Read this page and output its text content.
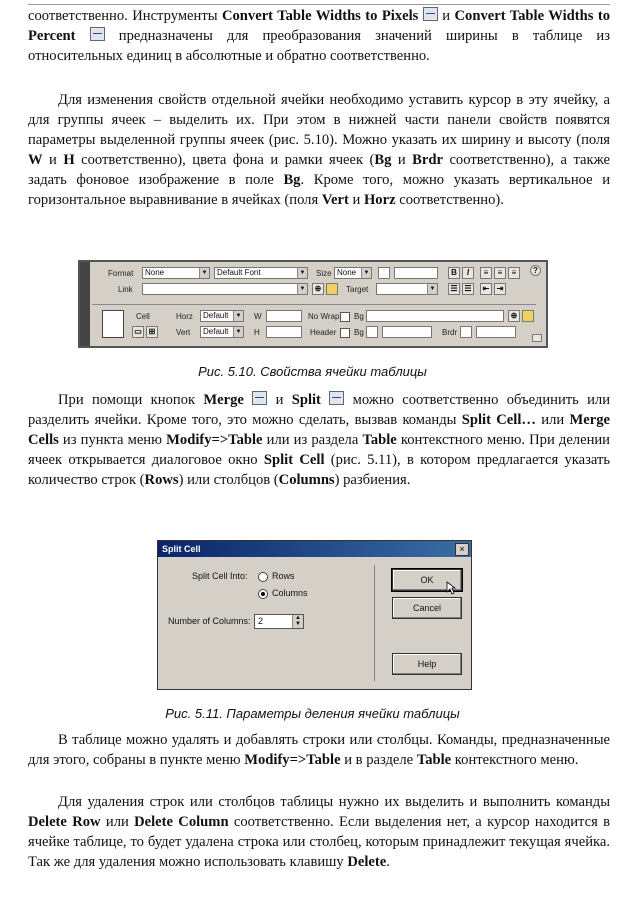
соответственно. Инструменты Convert Table Widths to Pixels  и Convert Table Widths to Percent	предназначены для преобразования значений ширины в таблице из относительных единиц в абсолютные и обратно соответственно.
Для изменения свойств отдельной ячейки необходимо уставить курсор в эту ячейку, а для группы ячеек – выделить их. При этом в нижней части панели свойств появятся параметры выделенной группы ячеек (рис. 5.10). Можно указать их ширину и высоту (поля W и H соответственно), цвета фона и рамки ячеек (Bg и Brdr соответственно), а также задать фоновое изображение в поле Bg. Кроме того, можно указать вертикальное и горизонтальное выравнивание в ячейках (поля Vert и Horz соответственно).
Format	None	▼	Default Font	▼ Size None	▼	B	I	≡	≡	≡	?
Link	▼	⊕	Target	▼	☰ ☰	⇤ ⇥
Cell
▭ ⊞
Horz	Default	▼
Vert	Default	▼
W
H
No Wrap Bg	⊕
Header Bg	Brdr
Рис. 5.10. Свойства ячейки таблицы
При помощи кнопок Merge  и Split  можно соответственно объединить или разделить ячейки. Кроме того, это можно сделать, вызвав команды Split Cell… или Merge Cells из пункта меню Modify=>Table или из раздела Table контекстного меню. При делении ячеек открывается диалоговое окно Split Cell (рис. 5.11), в котором предлагается указать количество строк (Rows) или столбцов (Columns) разбиения.
Split Cell	×
Split Cell Into:	Rows
Columns
Number of Columns: 2	▲
▼
OK
Cancel
Help
Рис. 5.11. Параметры деления ячейки таблицы
В таблице можно удалять и добавлять строки или столбцы. Команды, предназначенные для этого, собраны в пункте меню Modify=>Table и в разделе Table контекстного меню.
Для удаления строк или столбцов таблицы нужно их выделить и выполнить команды Delete Row или Delete Column соответственно. Если выделения нет, а курсор находится в ячейке таблице, то будет удалена строка или столбец, которым принадлежит текущая ячейка. Так же для удаления можно использовать клавишу Delete.
